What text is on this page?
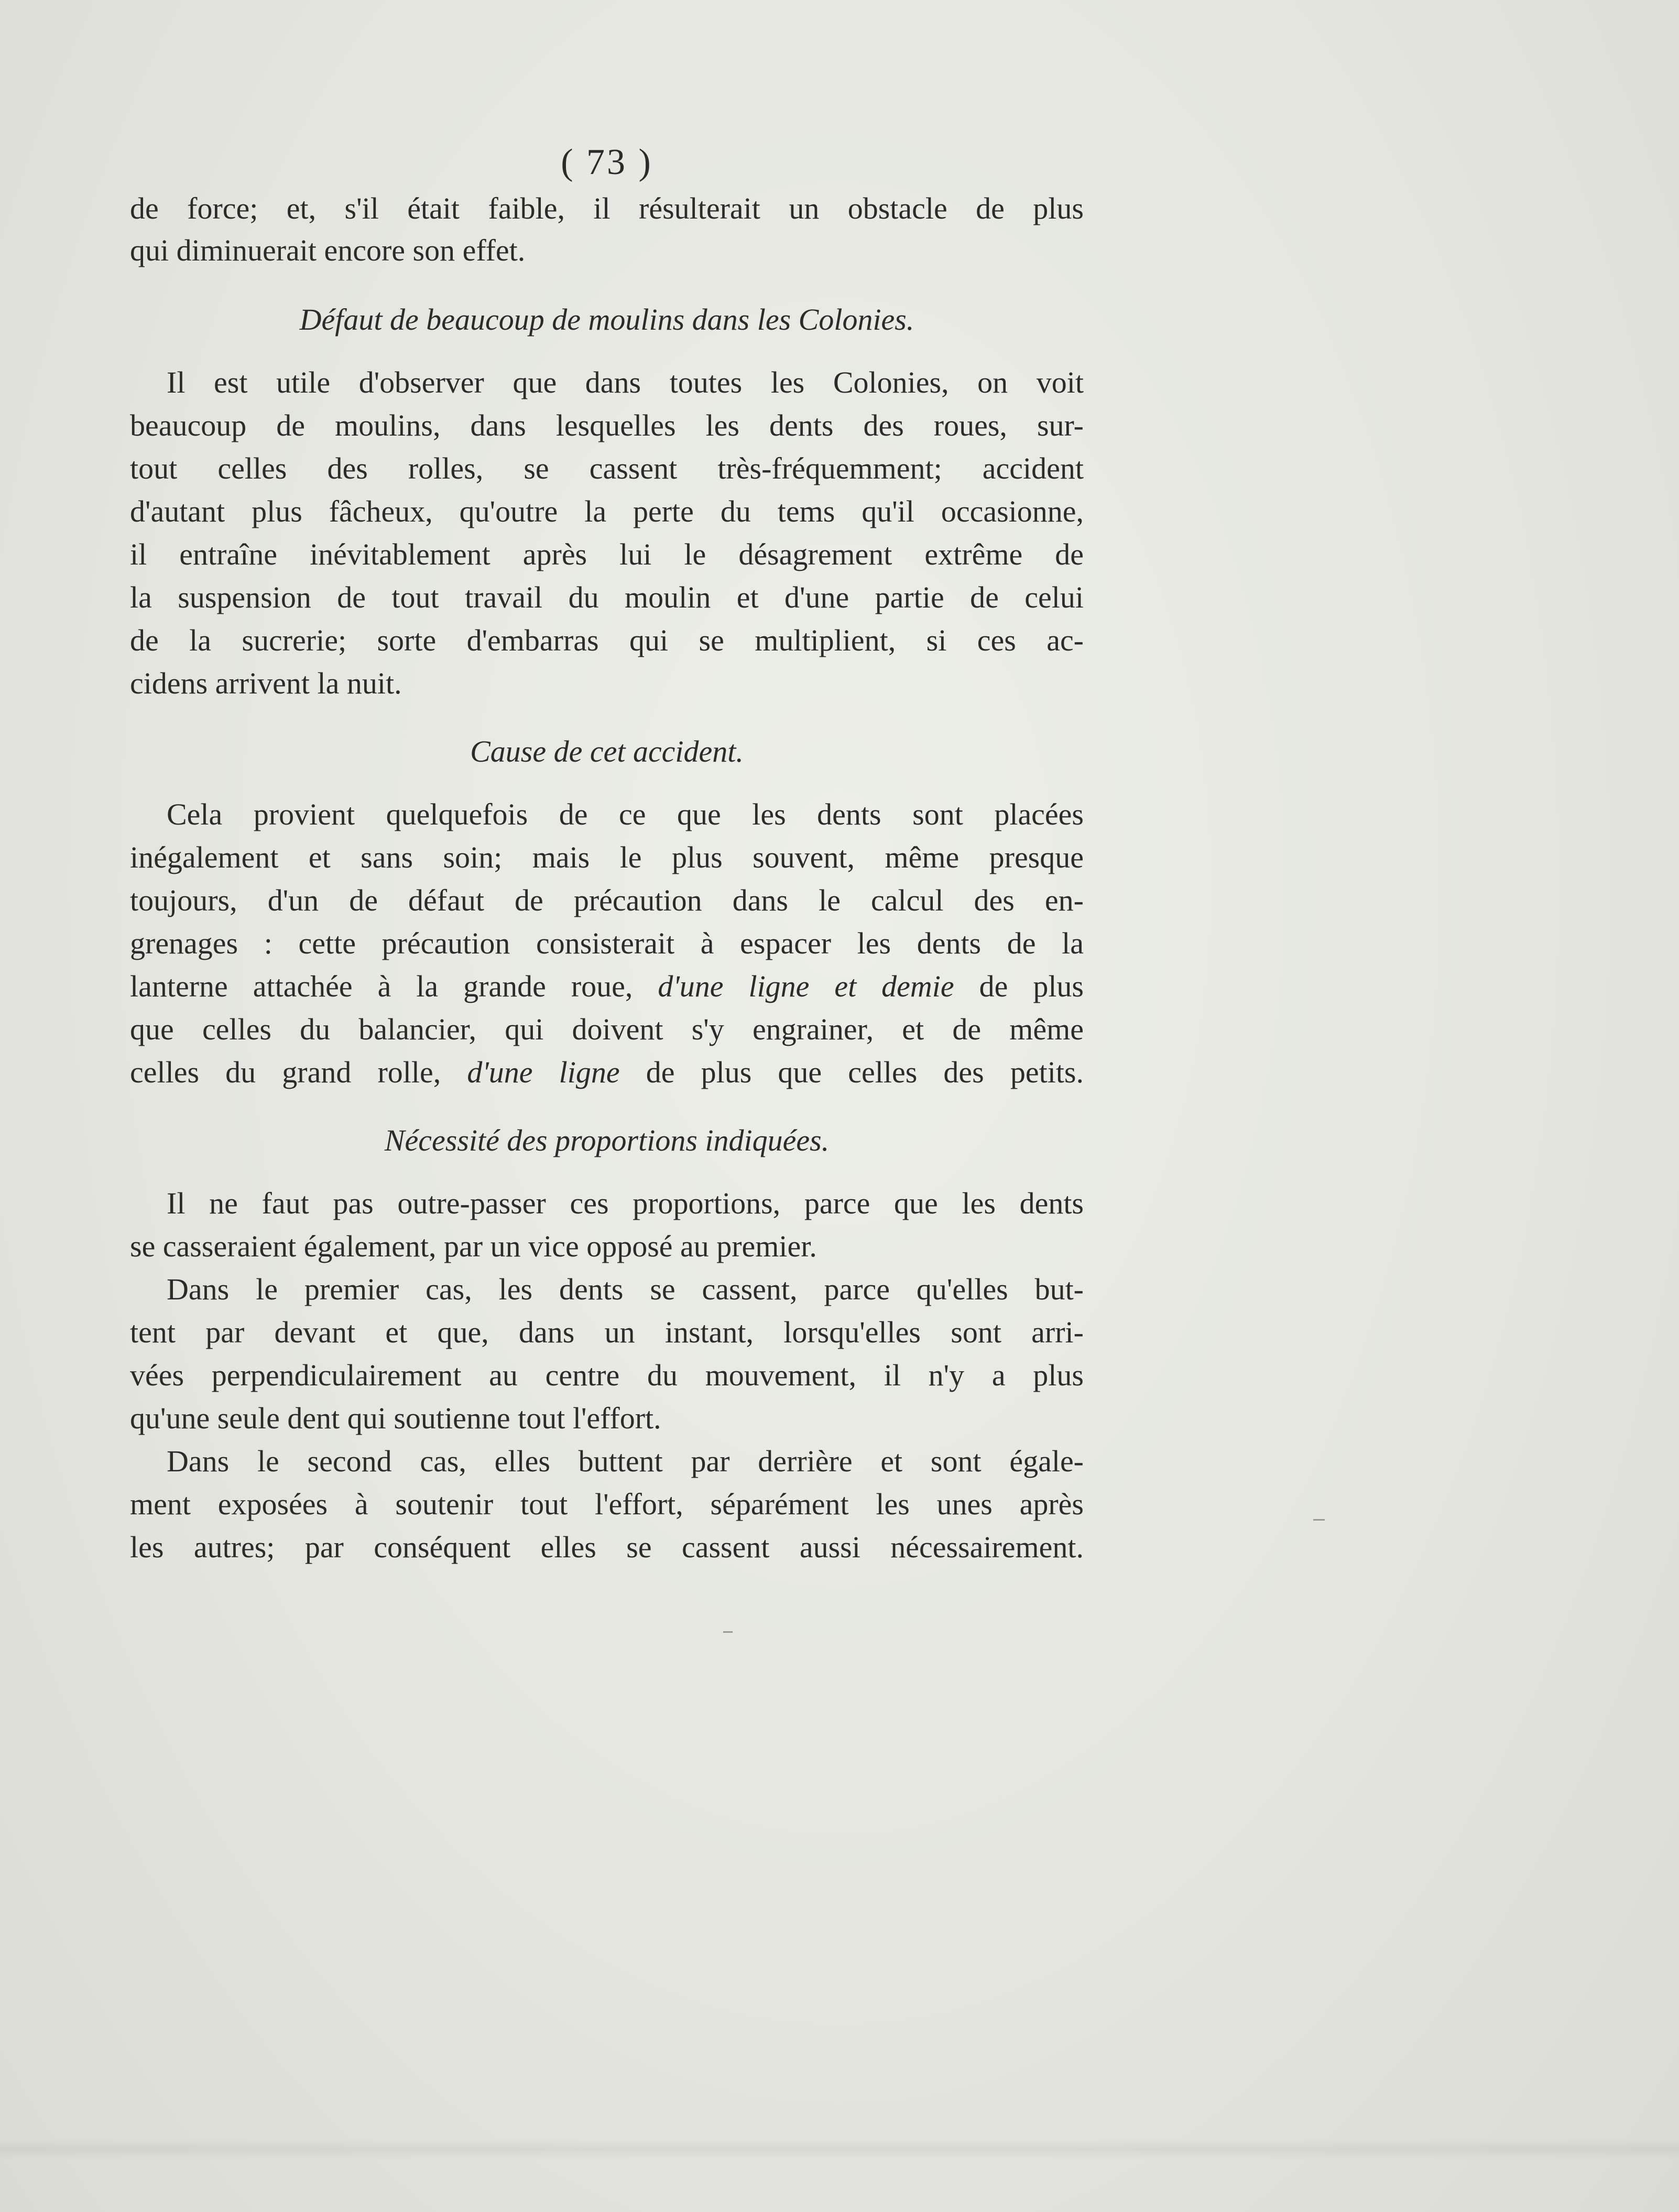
( 73 )
de force; et, s'il était faible, il résulterait un obstacle de plus
qui diminuerait encore son effet.
Défaut de beaucoup de moulins dans les Colonies.
Il est utile d'observer que dans toutes les Colonies, on voit
beaucoup de moulins, dans lesquelles les dents des roues, sur-
tout celles des rolles, se cassent très-fréquemment; accident
d'autant plus fâcheux, qu'outre la perte du tems qu'il occasionne,
il entraîne inévitablement après lui le désagrement extrême de
la suspension de tout travail du moulin et d'une partie de celui
de la sucrerie; sorte d'embarras qui se multiplient, si ces ac-
cidens arrivent la nuit.
Cause de cet accident.
Cela provient quelquefois de ce que les dents sont placées
inégalement et sans soin; mais le plus souvent, même presque
toujours, d'un de défaut de précaution dans le calcul des en-
grenages : cette précaution consisterait à espacer les dents de la
lanterne attachée à la grande roue, d'une ligne et demie de plus
que celles du balancier, qui doivent s'y engrainer, et de même
celles du grand rolle, d'une ligne de plus que celles des petits.
Nécessité des proportions indiquées.
Il ne faut pas outre-passer ces proportions, parce que les dents
se casseraient également, par un vice opposé au premier.
Dans le premier cas, les dents se cassent, parce qu'elles but-
tent par devant et que, dans un instant, lorsqu'elles sont arri-
vées perpendiculairement au centre du mouvement, il n'y a plus
qu'une seule dent qui soutienne tout l'effort.
Dans le second cas, elles buttent par derrière et sont égale-
ment exposées à soutenir tout l'effort, séparément les unes après
les autres; par conséquent elles se cassent aussi nécessairement.
